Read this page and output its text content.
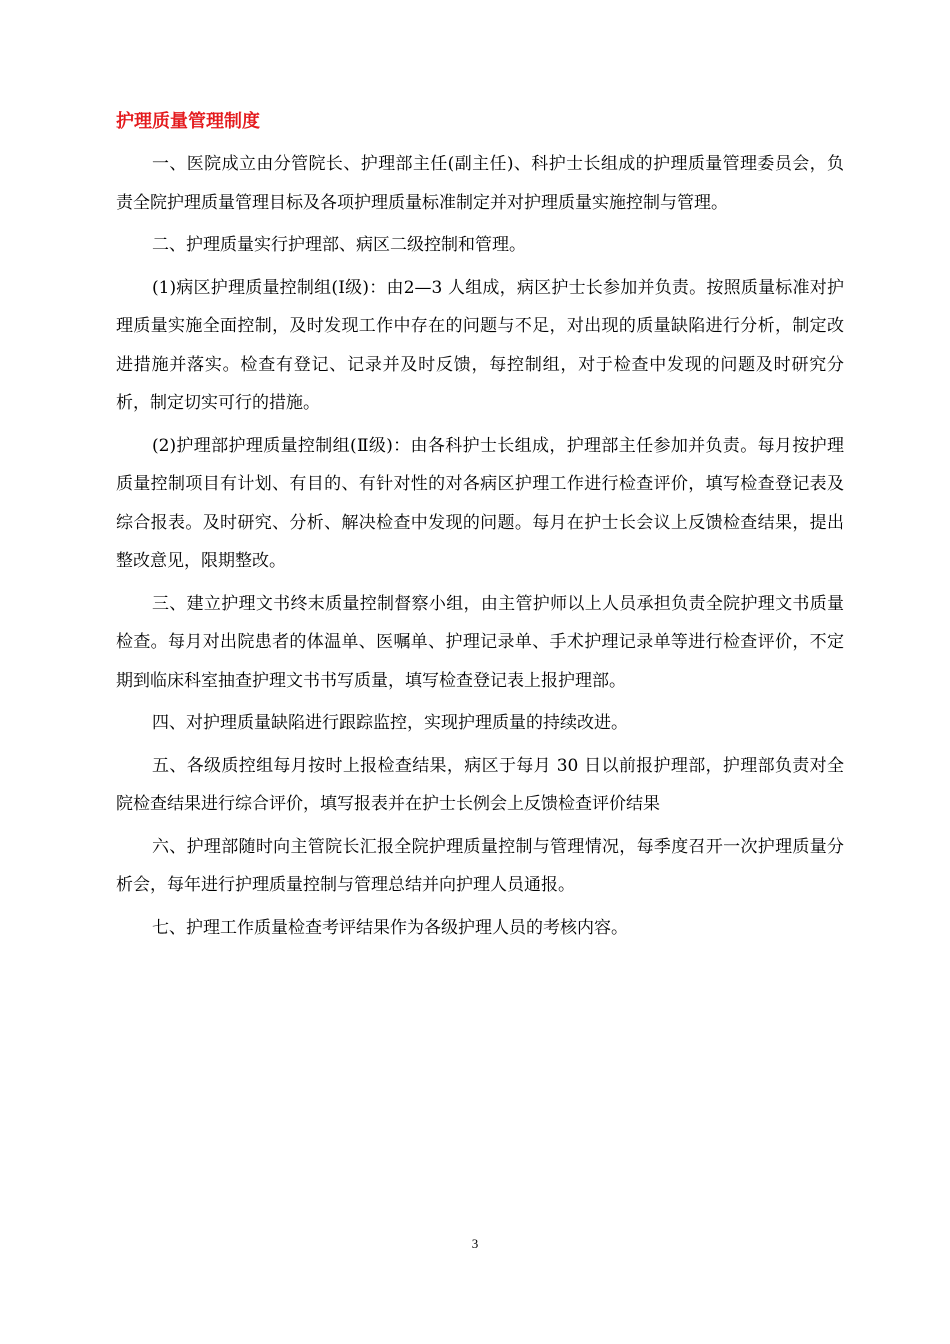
护理质量管理制度

一、医院成立由分管院长、护理部主任(副主任)、科护士长组成的护理质量管理委员会，负责全院护理质量管理目标及各项护理质量标准制定并对护理质量实施控制与管理。

二、护理质量实行护理部、病区二级控制和管理。

(1)病区护理质量控制组(Ⅰ级)：由2—3 人组成，病区护士长参加并负责。按照质量标准对护理质量实施全面控制，及时发现工作中存在的问题与不足，对出现的质量缺陷进行分析，制定改进措施并落实。检查有登记、记录并及时反馈，每控制组，对于检查中发现的问题及时研究分析，制定切实可行的措施。

(2)护理部护理质量控制组(Ⅱ级)：由各科护士长组成，护理部主任参加并负责。每月按护理质量控制项目有计划、有目的、有针对性的对各病区护理工作进行检查评价，填写检查登记表及综合报表。及时研究、分析、解决检查中发现的问题。每月在护士长会议上反馈检查结果，提出整改意见，限期整改。

三、建立护理文书终末质量控制督察小组，由主管护师以上人员承担负责全院护理文书质量检查。每月对出院患者的体温单、医嘱单、护理记录单、手术护理记录单等进行检查评价，不定期到临床科室抽查护理文书书写质量，填写检查登记表上报护理部。

四、对护理质量缺陷进行跟踪监控，实现护理质量的持续改进。

五、各级质控组每月按时上报检查结果，病区于每月 30 日以前报护理部，护理部负责对全院检查结果进行综合评价，填写报表并在护士长例会上反馈检查评价结果

六、护理部随时向主管院长汇报全院护理质量控制与管理情况，每季度召开一次护理质量分析会，每年进行护理质量控制与管理总结并向护理人员通报。

七、护理工作质量检查考评结果作为各级护理人员的考核内容。

3
